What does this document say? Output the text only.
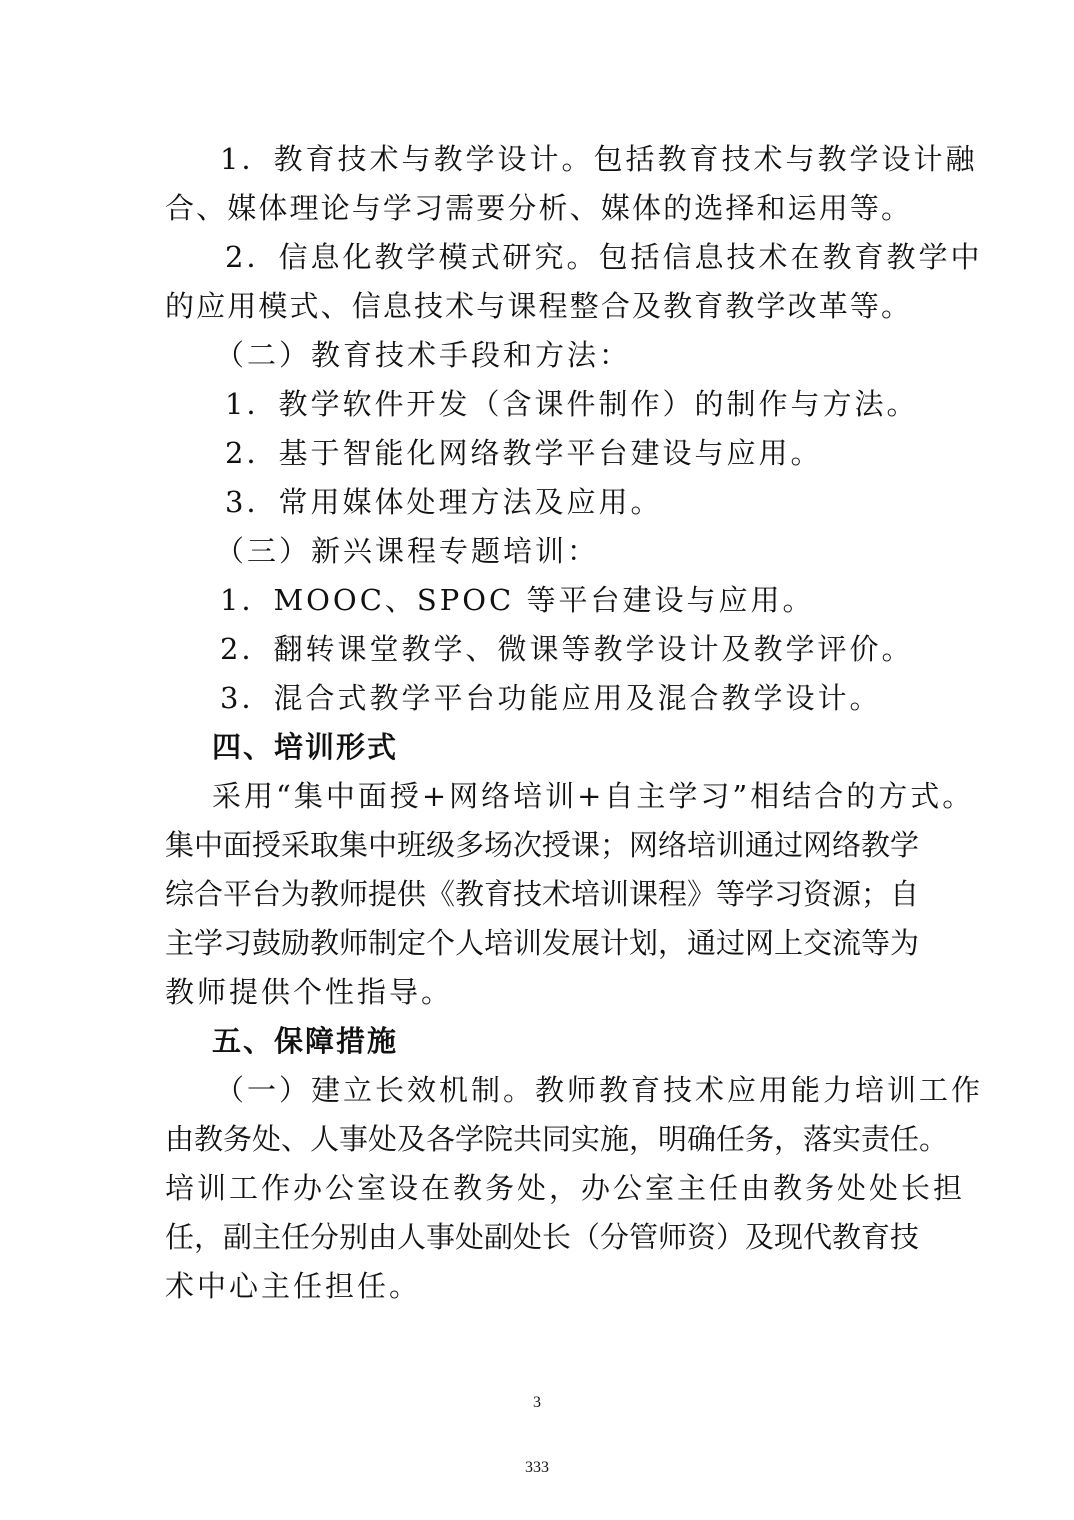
1．教育技术与教学设计。包括教育技术与教学设计融
合、媒体理论与学习需要分析、媒体的选择和运用等。
2．信息化教学模式研究。包括信息技术在教育教学中
的应用模式、信息技术与课程整合及教育教学改革等。
（二）教育技术手段和方法：
1．教学软件开发（含课件制作）的制作与方法。
2．基于智能化网络教学平台建设与应用。
3．常用媒体处理方法及应用。
（三）新兴课程专题培训：
1．MOOC、SPOC 等平台建设与应用。
2．翻转课堂教学、微课等教学设计及教学评价。
3．混合式教学平台功能应用及混合教学设计。
四、培训形式
采用“集中面授+网络培训+自主学习”相结合的方式。
集中面授采取集中班级多场次授课；网络培训通过网络教学
综合平台为教师提供《教育技术培训课程》等学习资源；自
主学习鼓励教师制定个人培训发展计划，通过网上交流等为
教师提供个性指导。
五、保障措施
（一）建立长效机制。教师教育技术应用能力培训工作
由教务处、人事处及各学院共同实施，明确任务，落实责任。
培训工作办公室设在教务处，办公室主任由教务处处长担
任，副主任分别由人事处副处长（分管师资）及现代教育技
术中心主任担任。
3
333
